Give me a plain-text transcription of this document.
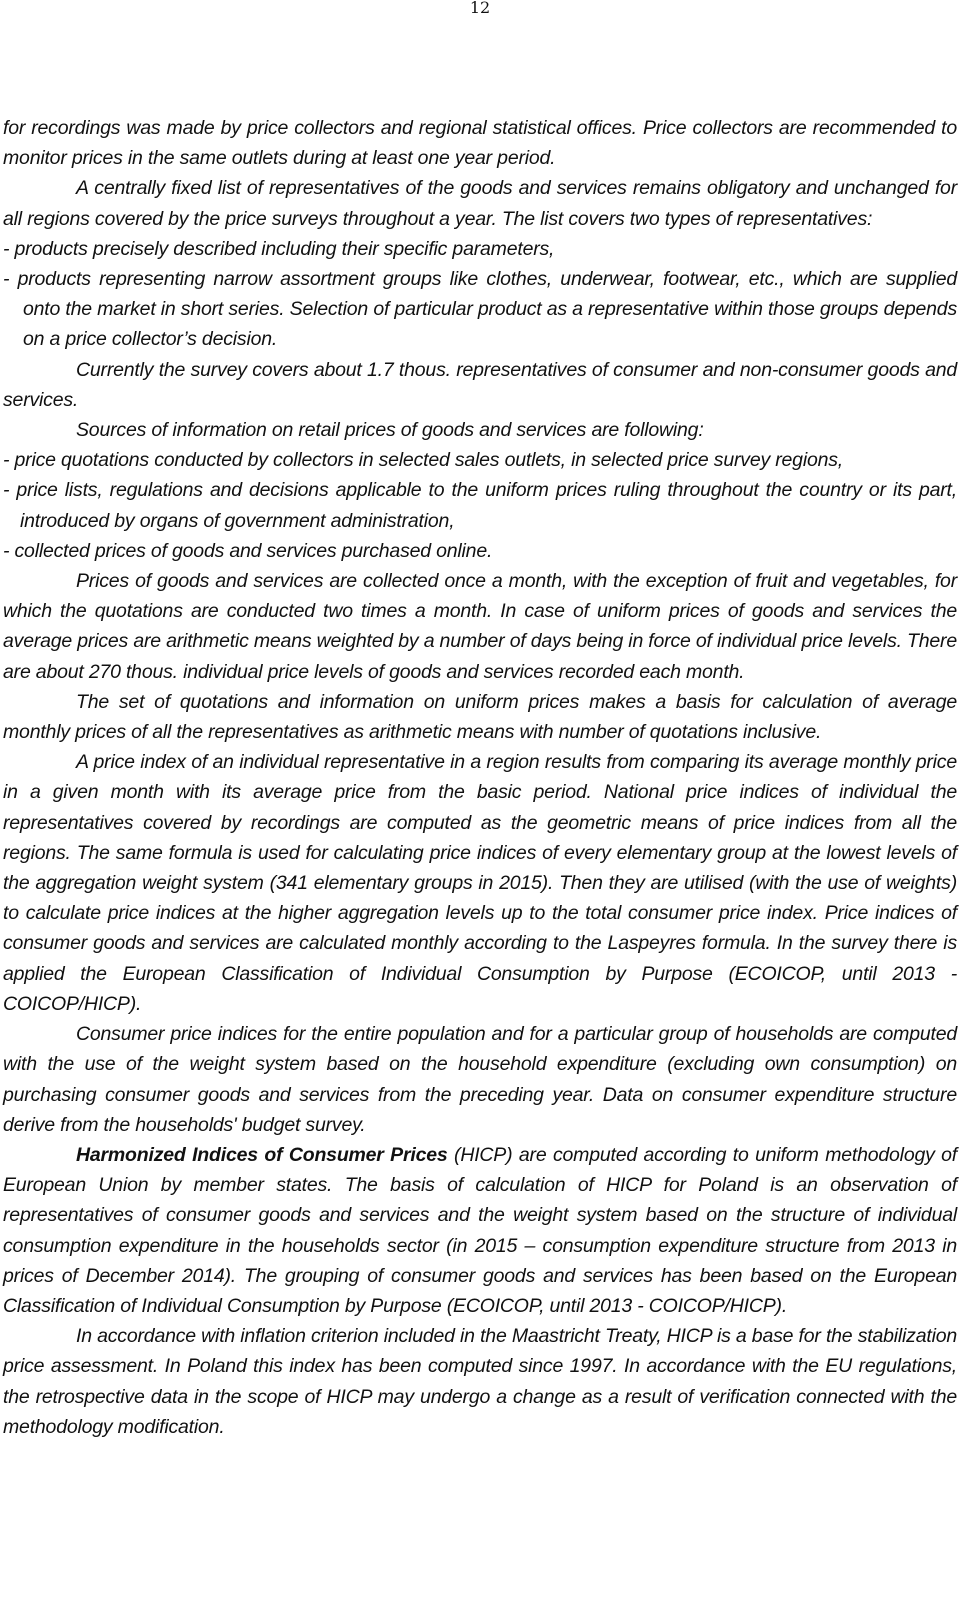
12

for recordings was made by price collectors and regional statistical offices. Price collectors are recommended to monitor prices in the same outlets during at least one year period.

A centrally fixed list of representatives of the goods and services remains obligatory and unchanged for all regions covered by the price surveys throughout a year. The list covers two types of representatives:

- products precisely described including their specific parameters,
- products representing narrow assortment groups like clothes, underwear, footwear, etc., which are supplied onto the market in short series. Selection of particular product as a representative within those groups depends on a price collector’s decision.

Currently the survey covers about 1.7 thous. representatives of consumer and non-consumer goods and services.

Sources of information on retail prices of goods and services are following:

- price quotations conducted by collectors in selected sales outlets, in selected price survey regions,
- price lists, regulations and decisions applicable to the uniform prices ruling throughout the country or its part, introduced by organs of government administration,
- collected prices of goods and services purchased online.

Prices of goods and services are collected once a month, with the exception of fruit and vegetables, for which the quotations are conducted two times a month. In case of uniform prices of goods and services the average prices are arithmetic means weighted by a number of days being in force of individual price levels. There are about 270 thous. individual price levels of goods and services recorded each month.

The set of quotations and information on uniform prices makes a basis for calculation of average monthly prices of all the representatives as arithmetic means with number of quotations inclusive.

A price index of an individual representative in a region results from comparing its average monthly price in a given month with its average price from the basic period. National price indices of individual the representatives covered by recordings are computed as the geometric means of price indices from all the regions. The same formula is used for calculating price indices of every elementary group at the lowest levels of the aggregation weight system (341 elementary groups in 2015). Then they are utilised (with the use of weights) to calculate price indices at the higher aggregation levels up to the total consumer price index. Price indices of consumer goods and services are calculated monthly according to the Laspeyres formula. In the survey there is applied the European Classification of Individual Consumption by Purpose (ECOICOP, until 2013 - COICOP/HICP).

Consumer price indices for the entire population and for a particular group of households are computed with the use of the weight system based on the household expenditure (excluding own consumption) on purchasing consumer goods and services from the preceding year. Data on consumer expenditure structure derive from the households' budget survey.

Harmonized Indices of Consumer Prices (HICP) are computed according to uniform methodology of European Union by member states. The basis of calculation of HICP for Poland is an observation of representatives of consumer goods and services and the weight system based on the structure of individual consumption expenditure in the households sector (in 2015 – consumption expenditure structure from 2013 in prices of December 2014). The grouping of consumer goods and services has been based on the European Classification of Individual Consumption by Purpose (ECOICOP, until 2013 - COICOP/HICP).

In accordance with inflation criterion included in the Maastricht Treaty, HICP is a base for the stabilization price assessment. In Poland this index has been computed since 1997. In accordance with the EU regulations, the retrospective data in the scope of HICP may undergo a change as a result of verification connected with the methodology modification.
